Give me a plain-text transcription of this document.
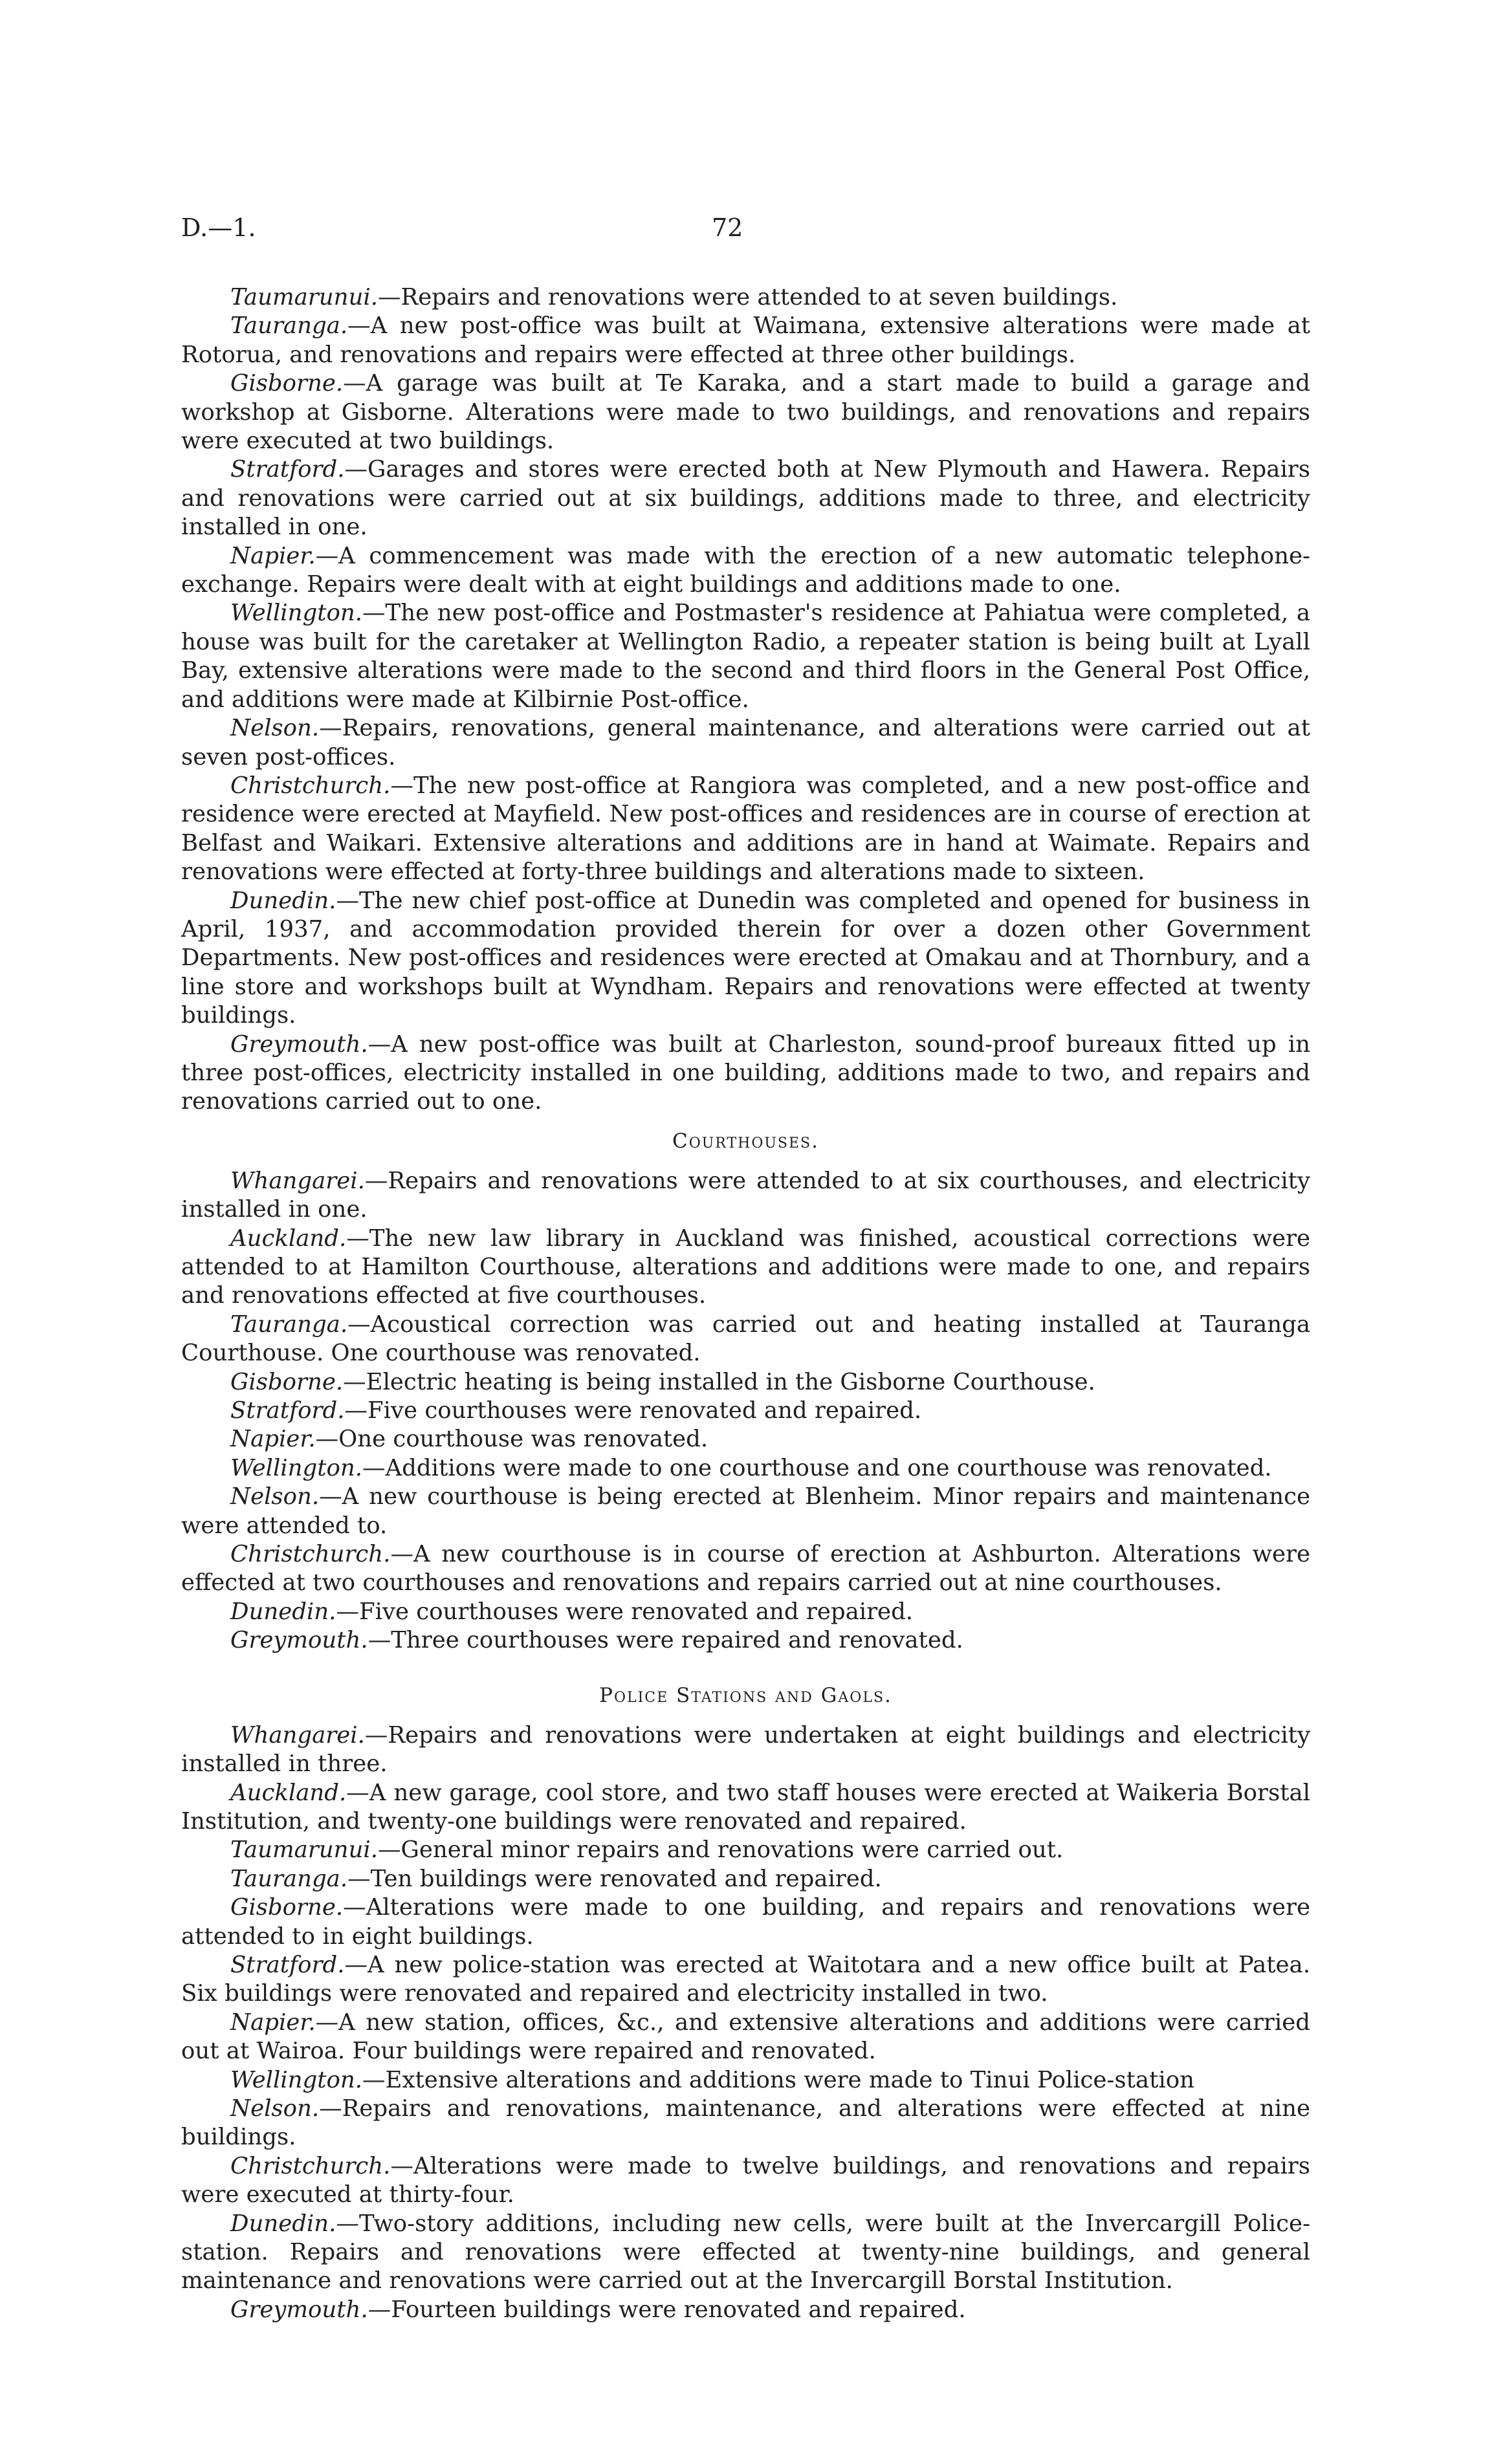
D.—1.	72

Taumarunui.—Repairs and renovations were attended to at seven buildings.

Tauranga.—A new post-office was built at Waimana, extensive alterations were made at Rotorua, and renovations and repairs were effected at three other buildings.

Gisborne.—A garage was built at Te Karaka, and a start made to build a garage and workshop at Gisborne. Alterations were made to two buildings, and renovations and repairs were executed at two buildings.

Stratford.—Garages and stores were erected both at New Plymouth and Hawera. Repairs and renovations were carried out at six buildings, additions made to three, and electricity installed in one.

Napier.—A commencement was made with the erection of a new automatic telephone-exchange. Repairs were dealt with at eight buildings and additions made to one.

Wellington.—The new post-office and Postmaster's residence at Pahiatua were completed, a house was built for the caretaker at Wellington Radio, a repeater station is being built at Lyall Bay, extensive alterations were made to the second and third floors in the General Post Office, and additions were made at Kilbirnie Post-office.

Nelson.—Repairs, renovations, general maintenance, and alterations were carried out at seven post-offices.

Christchurch.—The new post-office at Rangiora was completed, and a new post-office and residence were erected at Mayfield. New post-offices and residences are in course of erection at Belfast and Waikari. Extensive alterations and additions are in hand at Waimate. Repairs and renovations were effected at forty-three buildings and alterations made to sixteen.

Dunedin.—The new chief post-office at Dunedin was completed and opened for business in April, 1937, and accommodation provided therein for over a dozen other Government Departments. New post-offices and residences were erected at Omakau and at Thornbury, and a line store and workshops built at Wyndham. Repairs and renovations were effected at twenty buildings.

Greymouth.—A new post-office was built at Charleston, sound-proof bureaux fitted up in three post-offices, electricity installed in one building, additions made to two, and repairs and renovations carried out to one.

Courthouses.

Whangarei.—Repairs and renovations were attended to at six courthouses, and electricity installed in one.

Auckland.—The new law library in Auckland was finished, acoustical corrections were attended to at Hamilton Courthouse, alterations and additions were made to one, and repairs and renovations effected at five courthouses.

Tauranga.—Acoustical correction was carried out and heating installed at Tauranga Courthouse. One courthouse was renovated.

Gisborne.—Electric heating is being installed in the Gisborne Courthouse.

Stratford.—Five courthouses were renovated and repaired.

Napier.—One courthouse was renovated.

Wellington.—Additions were made to one courthouse and one courthouse was renovated.

Nelson.—A new courthouse is being erected at Blenheim. Minor repairs and maintenance were attended to.

Christchurch.—A new courthouse is in course of erection at Ashburton. Alterations were effected at two courthouses and renovations and repairs carried out at nine courthouses.

Dunedin.—Five courthouses were renovated and repaired.

Greymouth.—Three courthouses were repaired and renovated.

Police Stations and Gaols.

Whangarei.—Repairs and renovations were undertaken at eight buildings and electricity installed in three.

Auckland.—A new garage, cool store, and two staff houses were erected at Waikeria Borstal Institution, and twenty-one buildings were renovated and repaired.

Taumarunui.—General minor repairs and renovations were carried out.

Tauranga.—Ten buildings were renovated and repaired.

Gisborne.—Alterations were made to one building, and repairs and renovations were attended to in eight buildings.

Stratford.—A new police-station was erected at Waitotara and a new office built at Patea. Six buildings were renovated and repaired and electricity installed in two.

Napier.—A new station, offices, &c., and extensive alterations and additions were carried out at Wairoa. Four buildings were repaired and renovated.

Wellington.—Extensive alterations and additions were made to Tinui Police-station

Nelson.—Repairs and renovations, maintenance, and alterations were effected at nine buildings.

Christchurch.—Alterations were made to twelve buildings, and renovations and repairs were executed at thirty-four.

Dunedin.—Two-story additions, including new cells, were built at the Invercargill Police-station. Repairs and renovations were effected at twenty-nine buildings, and general maintenance and renovations were carried out at the Invercargill Borstal Institution.

Greymouth.—Fourteen buildings were renovated and repaired.
